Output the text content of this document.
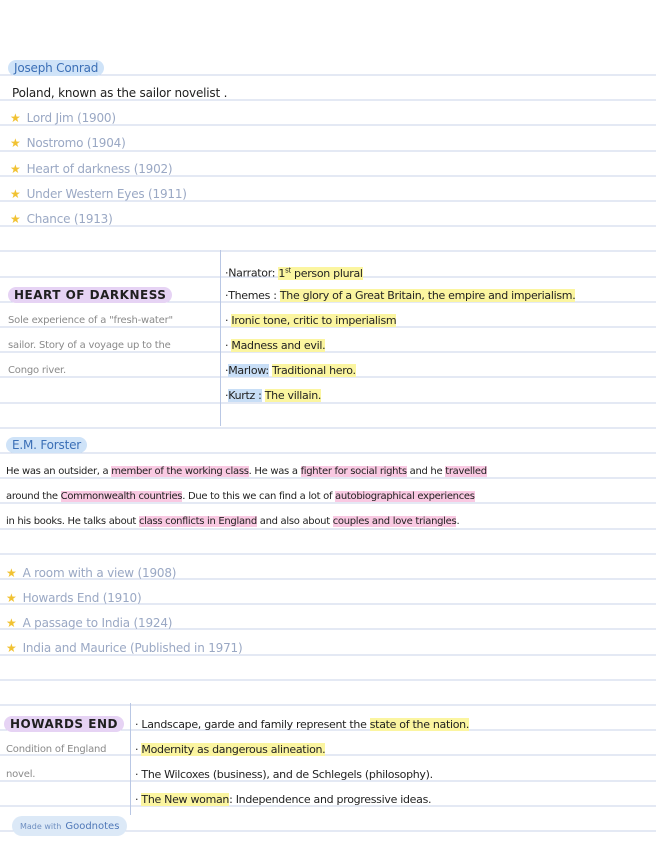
Joseph Conrad
Poland, known as the sailor novelist .
★ Lord Jim (1900)
★ Nostromo (1904)
★ Heart of darkness (1902)
★ Under Western Eyes (1911)
★ Chance (1913)
HEART OF DARKNESS
Sole experience of a "fresh-water"
sailor. Story of a voyage up to the
Congo river.
·Narrator: 1st person plural
·Themes : The glory of a Great Britain, the empire and imperialism.
· Ironic tone, critic to imperialism
· Madness and evil.
·Marlow: Traditional hero.
·Kurtz : The villain.
E.M. Forster
He was an outsider, a member of the working class. He was a fighter for social rights and he travelled
around the Commonwealth countries. Due to this we can find a lot of autobiographical experiences
in his books. He talks about class conflicts in England and also about couples and love triangles.
★ A room with a view (1908)
★ Howards End (1910)
★ A passage to India (1924)
★ India and Maurice (Published in 1971)
HOWARDS END
Condition of England
novel.
· Landscape, garde and family represent the state of the nation.
· Modernity as dangerous alineation.
· The Wilcoxes (business), and de Schlegels (philosophy).
· The New woman: Independence and progressive ideas.
Made with Goodnotes
